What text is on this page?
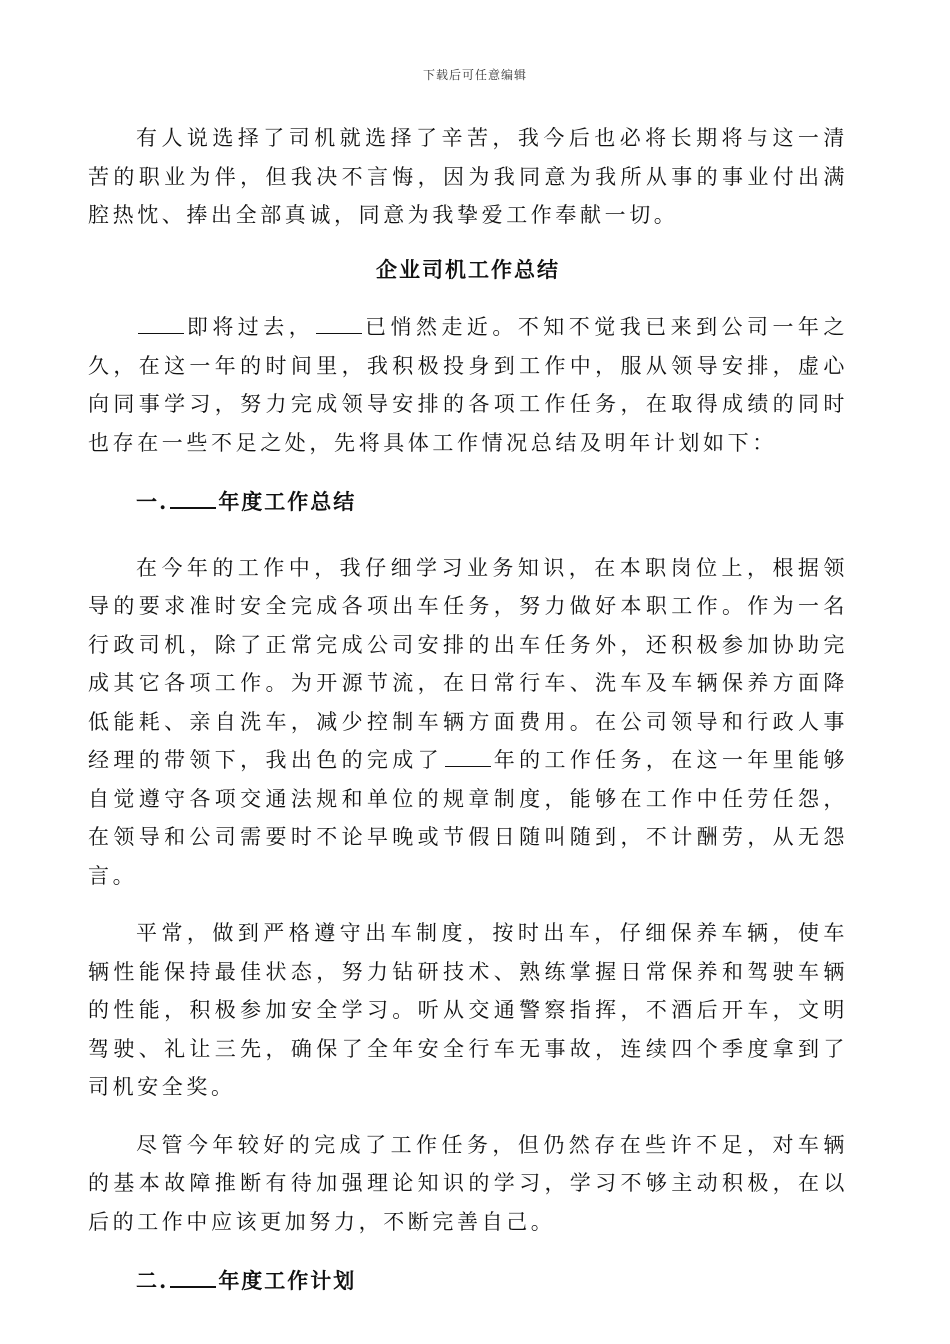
下载后可任意编辑

有人说选择了司机就选择了辛苦，我今后也必将长期将与这一清苦的职业为伴，但我决不言悔，因为我同意为我所从事的事业付出满腔热忱、捧出全部真诚，同意为我挚爱工作奉献一切。

企业司机工作总结

即将过去， 已悄然走近。不知不觉我已来到公司一年之久，在这一年的时间里，我积极投身到工作中，服从领导安排，虚心向同事学习，努力完成领导安排的各项工作任务，在取得成绩的同时也存在一些不足之处，先将具体工作情况总结及明年计划如下：

一. 年度工作总结

在今年的工作中，我仔细学习业务知识，在本职岗位上，根据领导的要求准时安全完成各项出车任务，努力做好本职工作。作为一名行政司机，除了正常完成公司安排的出车任务外，还积极参加协助完成其它各项工作。为开源节流，在日常行车、洗车及车辆保养方面降低能耗、亲自洗车，减少控制车辆方面费用。在公司领导和行政人事经理的带领下，我出色的完成了 年的工作任务，在这一年里能够自觉遵守各项交通法规和单位的规章制度，能够在工作中任劳任怨，在领导和公司需要时不论早晚或节假日随叫随到，不计酬劳，从无怨言。

平常，做到严格遵守出车制度，按时出车，仔细保养车辆，使车辆性能保持最佳状态，努力钻研技术、熟练掌握日常保养和驾驶车辆的性能，积极参加安全学习。听从交通警察指挥，不酒后开车，文明驾驶、礼让三先，确保了全年安全行车无事故，连续四个季度拿到了司机安全奖。

尽管今年较好的完成了工作任务，但仍然存在些许不足，对车辆的基本故障推断有待加强理论知识的学习，学习不够主动积极，在以后的工作中应该更加努力，不断完善自己。

二. 年度工作计划
